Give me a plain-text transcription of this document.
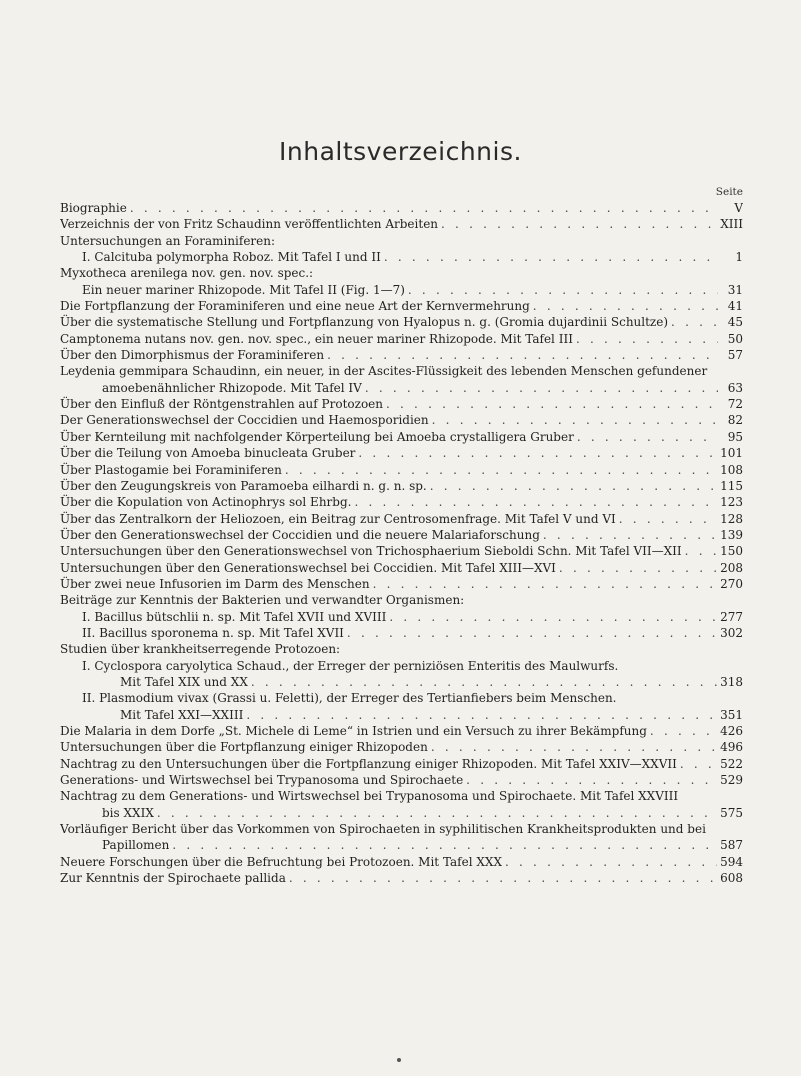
Inhaltsverzeichnis.
Seite
Biographie . . .	V
Verzeichnis der von Fritz Schaudinn veröffentlichten Arbeiten . . .	XIII
Untersuchungen an Foraminiferen:
I. Calcituba polymorpha Roboz. Mit Tafel I und II . . .	1
Myxotheca arenilega nov. gen. nov. spec.:
Ein neuer mariner Rhizopode. Mit Tafel II (Fig. 1—7) . . .	31
Die Fortpflanzung der Foraminiferen und eine neue Art der Kernvermehrung . . .	41
Über die systematische Stellung und Fortpflanzung von Hyalopus n. g. (Gromia dujardinii Schultze) . . .	45
Camptonema nutans nov. gen. nov. spec., ein neuer mariner Rhizopode. Mit Tafel III . . .	50
Über den Dimorphismus der Foraminiferen . . .	57
Leydenia gemmipara Schaudinn, ein neuer, in der Ascites-Flüssigkeit des lebenden Menschen gefundener
amoebenähnlicher Rhizopode. Mit Tafel IV . . .	63
Über den Einfluß der Röntgenstrahlen auf Protozoen . . .	72
Der Generationswechsel der Coccidien und Haemosporidien . . .	82
Über Kernteilung mit nachfolgender Körperteilung bei Amoeba crystalligera Gruber . . .	95
Über die Teilung von Amoeba binucleata Gruber . . .	101
Über Plastogamie bei Foraminiferen . . .	108
Über den Zeugungskreis von Paramoeba eilhardi n. g. n. sp. . . .	115
Über die Kopulation von Actinophrys sol Ehrbg. . . .	123
Über das Zentralkorn der Heliozoen, ein Beitrag zur Centrosomenfrage. Mit Tafel V und VI . . .	128
Über den Generationswechsel der Coccidien und die neuere Malariaforschung . . .	139
Untersuchungen über den Generationswechsel von Trichosphaerium Sieboldi Schn. Mit Tafel VII—XII . . .	150
Untersuchungen über den Generationswechsel bei Coccidien. Mit Tafel XIII—XVI . . .	208
Über zwei neue Infusorien im Darm des Menschen . . .	270
Beiträge zur Kenntnis der Bakterien und verwandter Organismen:
I. Bacillus bütschlii n. sp. Mit Tafel XVII und XVIII . . .	277
II. Bacillus sporonema n. sp. Mit Tafel XVII . . .	302
Studien über krankheitserregende Protozoen:
I. Cyclospora caryolytica Schaud., der Erreger der perniziösen Enteritis des Maulwurfs.
Mit Tafel XIX und XX . . .	318
II. Plasmodium vivax (Grassi u. Feletti), der Erreger des Tertianfiebers beim Menschen.
Mit Tafel XXI—XXIII . . .	351
Die Malaria in dem Dorfe „St. Michele di Leme“ in Istrien und ein Versuch zu ihrer Bekämpfung . . .	426
Untersuchungen über die Fortpflanzung einiger Rhizopoden . . .	496
Nachtrag zu den Untersuchungen über die Fortpflanzung einiger Rhizopoden. Mit Tafel XXIV—XXVII . . .	522
Generations- und Wirtswechsel bei Trypanosoma und Spirochaete . . .	529
Nachtrag zu dem Generations- und Wirtswechsel bei Trypanosoma und Spirochaete. Mit Tafel XXVIII
bis XXIX . . .	575
Vorläufiger Bericht über das Vorkommen von Spirochaeten in syphilitischen Krankheitsprodukten und bei
Papillomen . . .	587
Neuere Forschungen über die Befruchtung bei Protozoen. Mit Tafel XXX . . .	594
Zur Kenntnis der Spirochaete pallida . . .	608
